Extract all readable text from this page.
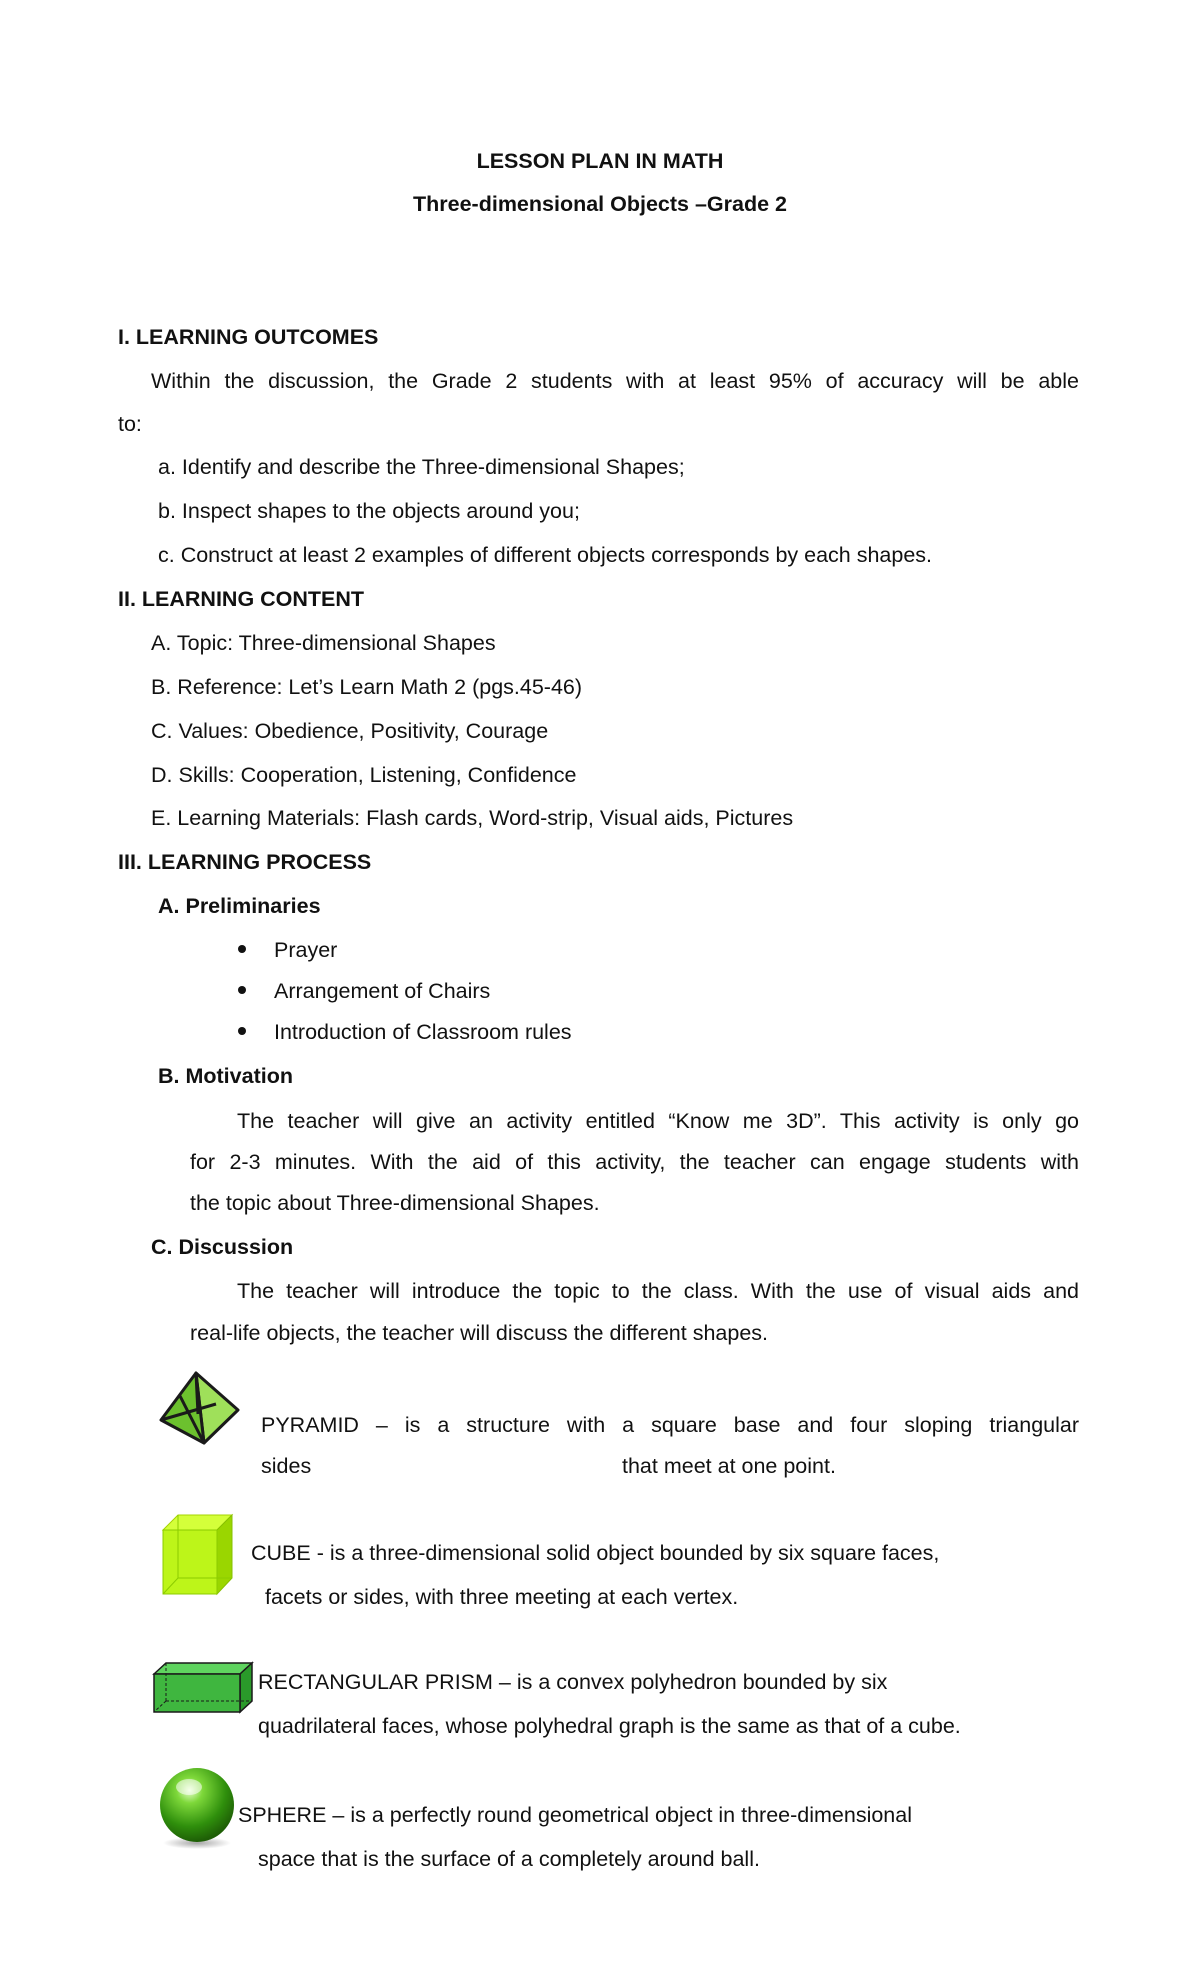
LESSON PLAN IN MATH
Three-dimensional Objects –Grade 2
I. LEARNING OUTCOMES
Within the discussion, the Grade 2 students with at least 95% of accuracy will be able
to:
a. Identify and describe the Three-dimensional Shapes;
b. Inspect shapes to the objects around you;
c. Construct at least 2 examples of different objects corresponds by each shapes.
II. LEARNING CONTENT
A. Topic: Three-dimensional Shapes
B. Reference: Let’s Learn Math 2 (pgs.45-46)
C. Values: Obedience, Positivity, Courage
D. Skills: Cooperation, Listening, Confidence
E. Learning Materials: Flash cards, Word-strip, Visual aids, Pictures
III. LEARNING PROCESS
A. Preliminaries
Prayer
Arrangement of Chairs
Introduction of Classroom rules
B. Motivation
The teacher will give an activity entitled “Know me 3D”. This activity is only go
for 2-3 minutes. With the aid of this activity, the teacher can engage students with
the topic about Three-dimensional Shapes.
C. Discussion
The teacher will introduce the topic to the class. With the use of visual aids and
real-life objects, the teacher will discuss the different shapes.
PYRAMID – is a structure with a square base and four sloping triangular
sides	that meet at one point.
CUBE - is a three-dimensional solid object bounded by six square faces,
facets or sides, with three meeting at each vertex.
RECTANGULAR PRISM – is a convex polyhedron bounded by six
quadrilateral faces, whose polyhedral graph is the same as that of a cube.
SPHERE – is a perfectly round geometrical object in three-dimensional
space that is the surface of a completely around ball.
